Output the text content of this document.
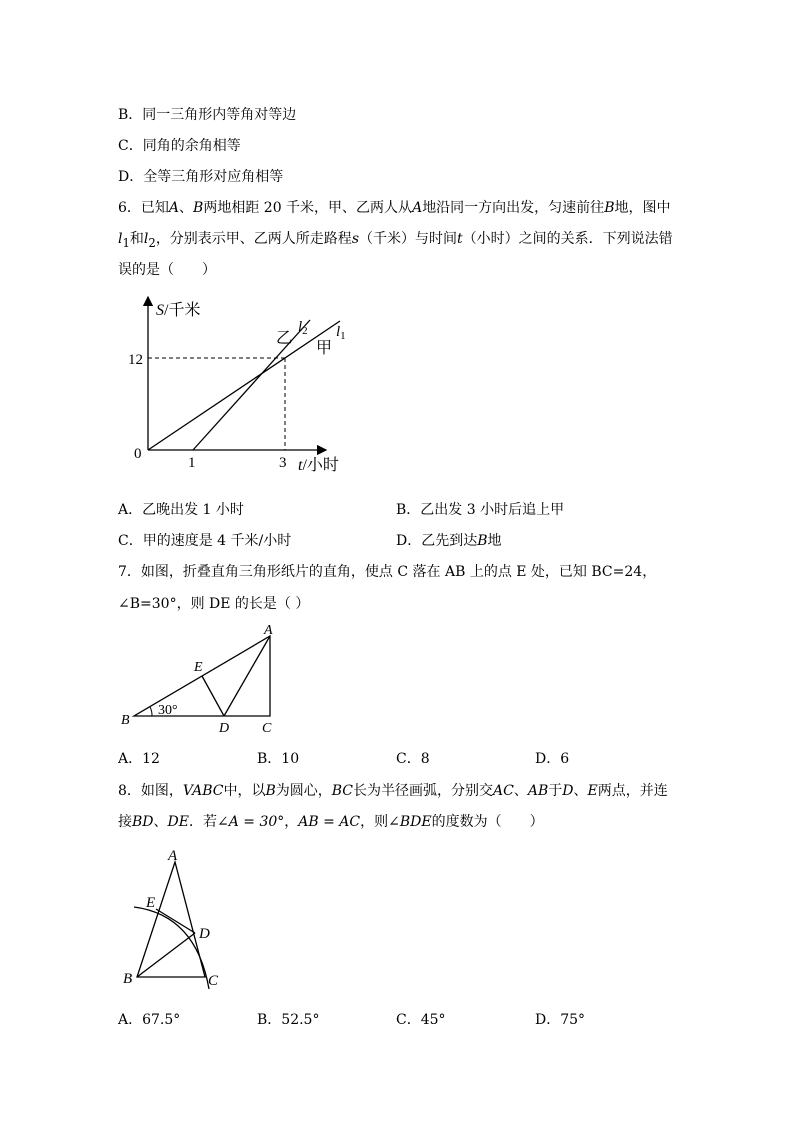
B．同一三角形内等角对等边
C．同角的余角相等
D．全等三角形对应角相等
6．已知A、B两地相距 20 千米，甲、乙两人从A地沿同一方向出发，匀速前往B地，图中
$l_1$和$l_2$，分别表示甲、乙两人所走路程s（千米）与时间t（小时）之间的关系．下列说法错
误的是（　　）
S/千米
12
0
1	3 t/小时
乙
甲
$l_2$ $l_1$
A．乙晚出发 1 小时	B．乙出发 3 小时后追上甲
C．甲的速度是 4 千米/小时	D．乙先到达B地
7．如图，折叠直角三角形纸片的直角，使点 C 落在 AB 上的点 E 处，已知 BC=24，
∠B=30°，则 DE 的长是（ ）
A
E
B
30°
D C
A．12	B．10	C．8	D．6
8．如图，VABC中，以B为圆心，BC长为半径画弧，分别交AC、AB于D、E两点，并连
接BD、DE．若∠A = 30°，AB = AC，则∠BDE的度数为（　　）
A
E
D
B	C
A．67.5°	B．52.5°	C．45°	D．75°
